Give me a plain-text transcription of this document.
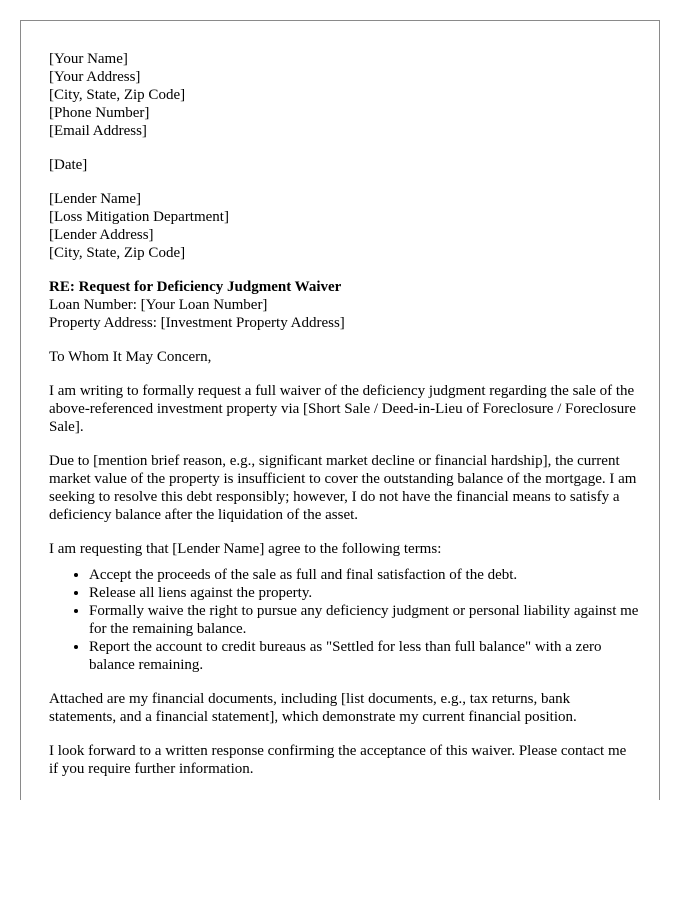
[Your Name]
[Your Address]
[City, State, Zip Code]
[Phone Number]
[Email Address]
[Date]
[Lender Name]
[Loss Mitigation Department]
[Lender Address]
[City, State, Zip Code]
RE: Request for Deficiency Judgment Waiver
Loan Number: [Your Loan Number]
Property Address: [Investment Property Address]

To Whom It May Concern,

I am writing to formally request a full waiver of the deficiency judgment regarding the sale of the above-referenced investment property via [Short Sale / Deed-in-Lieu of Foreclosure / Foreclosure Sale].

Due to [mention brief reason, e.g., significant market decline or financial hardship], the current market value of the property is insufficient to cover the outstanding balance of the mortgage. I am seeking to resolve this debt responsibly; however, I do not have the financial means to satisfy a deficiency balance after the liquidation of the asset.

I am requesting that [Lender Name] agree to the following terms:

• Accept the proceeds of the sale as full and final satisfaction of the debt.
• Release all liens against the property.
• Formally waive the right to pursue any deficiency judgment or personal liability against me for the remaining balance.
• Report the account to credit bureaus as "Settled for less than full balance" with a zero balance remaining.

Attached are my financial documents, including [list documents, e.g., tax returns, bank statements, and a financial statement], which demonstrate my current financial position.

I look forward to a written response confirming the acceptance of this waiver. Please contact me if you require further information.
